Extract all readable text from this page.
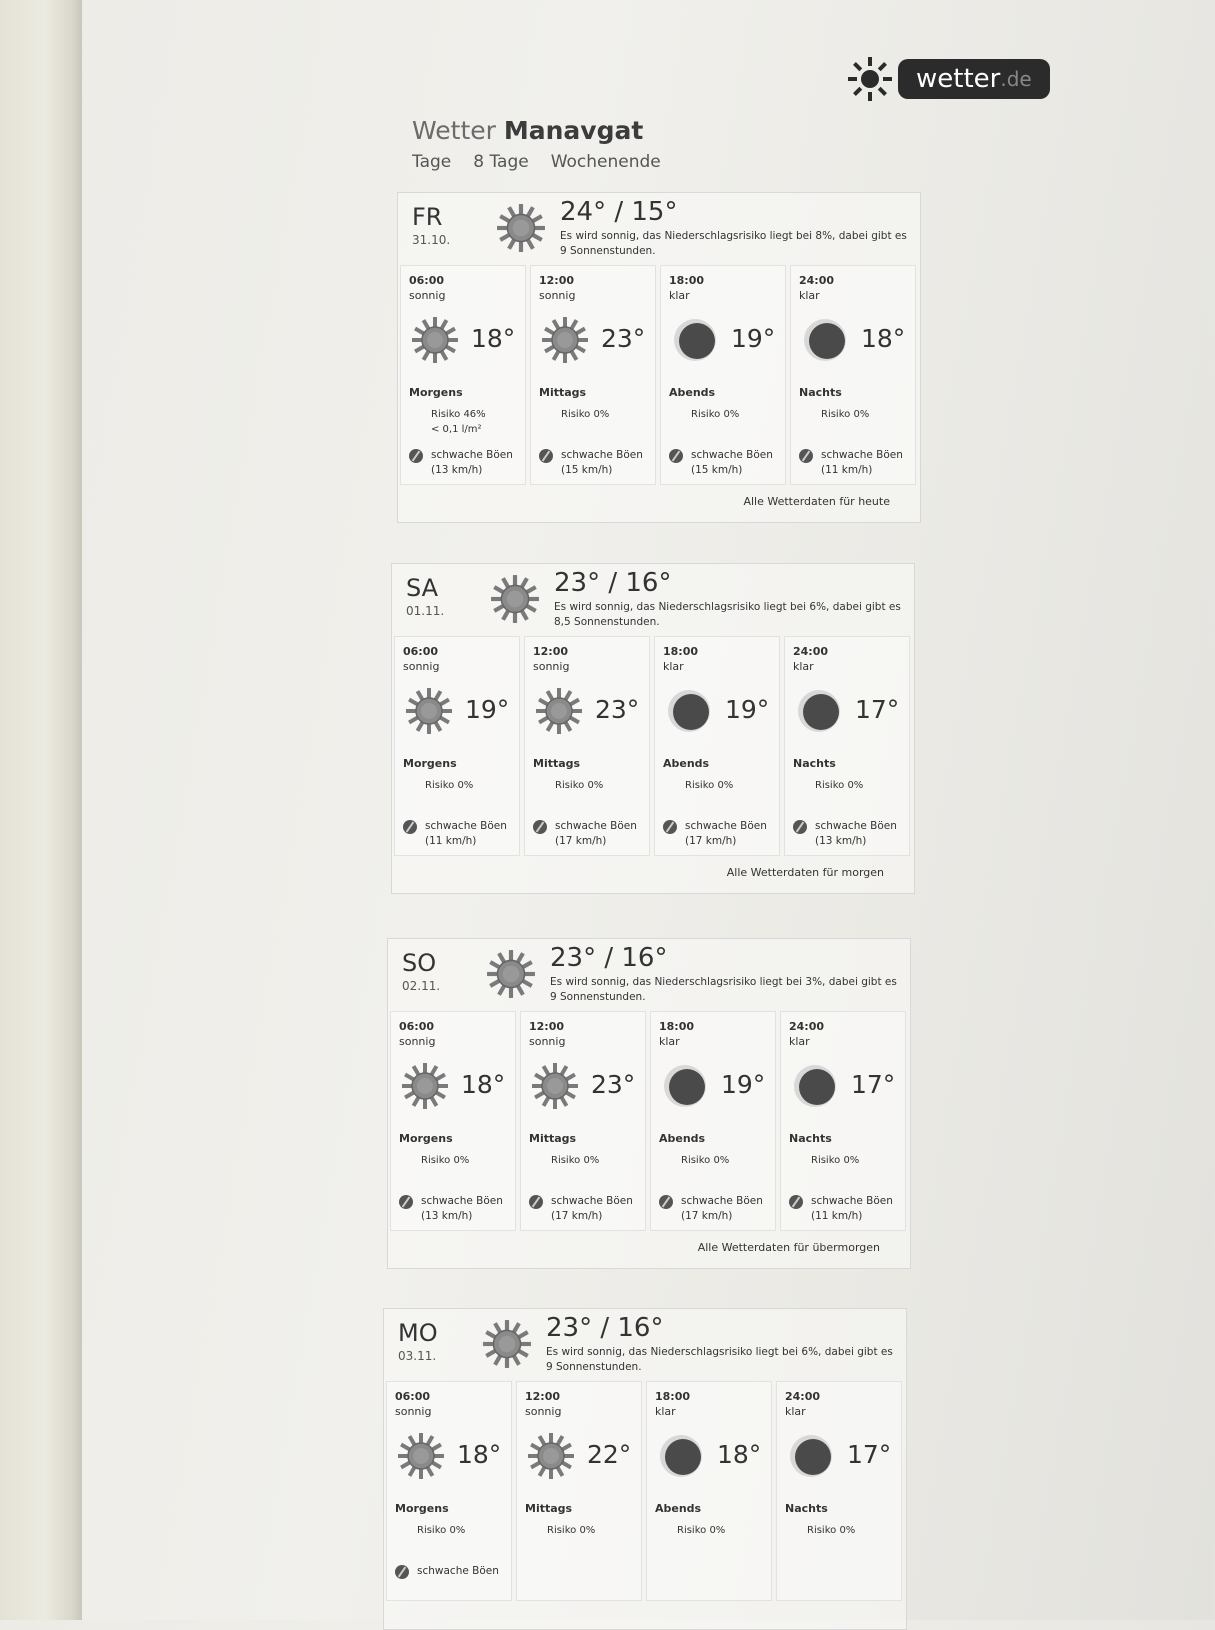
wetter .de
Wetter Manavgat
Tage 8 Tage Wochenende
FR
31.10.
24° / 15°
Es wird sonnig, das Niederschlagsrisiko liegt bei 8%, dabei gibt es 9 Sonnenstunden.
06:00
sonnig
18°
Morgens
Risiko 46%
< 0,1 l/m²
schwache Böen
(13 km/h)
12:00
sonnig
23°
Mittags
Risiko 0%
schwache Böen
(15 km/h)
18:00
klar
19°
Abends
Risiko 0%
schwache Böen
(15 km/h)
24:00
klar
18°
Nachts
Risiko 0%
schwache Böen
(11 km/h)
Alle Wetterdaten für heute
SA
01.11.
23° / 16°
Es wird sonnig, das Niederschlagsrisiko liegt bei 6%, dabei gibt es 8,5 Sonnenstunden.
06:00
sonnig
19°
Morgens
Risiko 0%
schwache Böen
(11 km/h)
12:00
sonnig
23°
Mittags
Risiko 0%
schwache Böen
(17 km/h)
18:00
klar
19°
Abends
Risiko 0%
schwache Böen
(17 km/h)
24:00
klar
17°
Nachts
Risiko 0%
schwache Böen
(13 km/h)
Alle Wetterdaten für morgen
SO
02.11.
23° / 16°
Es wird sonnig, das Niederschlagsrisiko liegt bei 3%, dabei gibt es 9 Sonnenstunden.
06:00
sonnig
18°
Morgens
Risiko 0%
schwache Böen
(13 km/h)
12:00
sonnig
23°
Mittags
Risiko 0%
schwache Böen
(17 km/h)
18:00
klar
19°
Abends
Risiko 0%
schwache Böen
(17 km/h)
24:00
klar
17°
Nachts
Risiko 0%
schwache Böen
(11 km/h)
Alle Wetterdaten für übermorgen
MO
03.11.
23° / 16°
Es wird sonnig, das Niederschlagsrisiko liegt bei 6%, dabei gibt es 9 Sonnenstunden.
06:00
sonnig
18°
Morgens
Risiko 0%
schwache Böen
12:00
sonnig
22°
Mittags
Risiko 0%
18:00
klar
18°
Abends
Risiko 0%
24:00
klar
17°
Nachts
Risiko 0%
